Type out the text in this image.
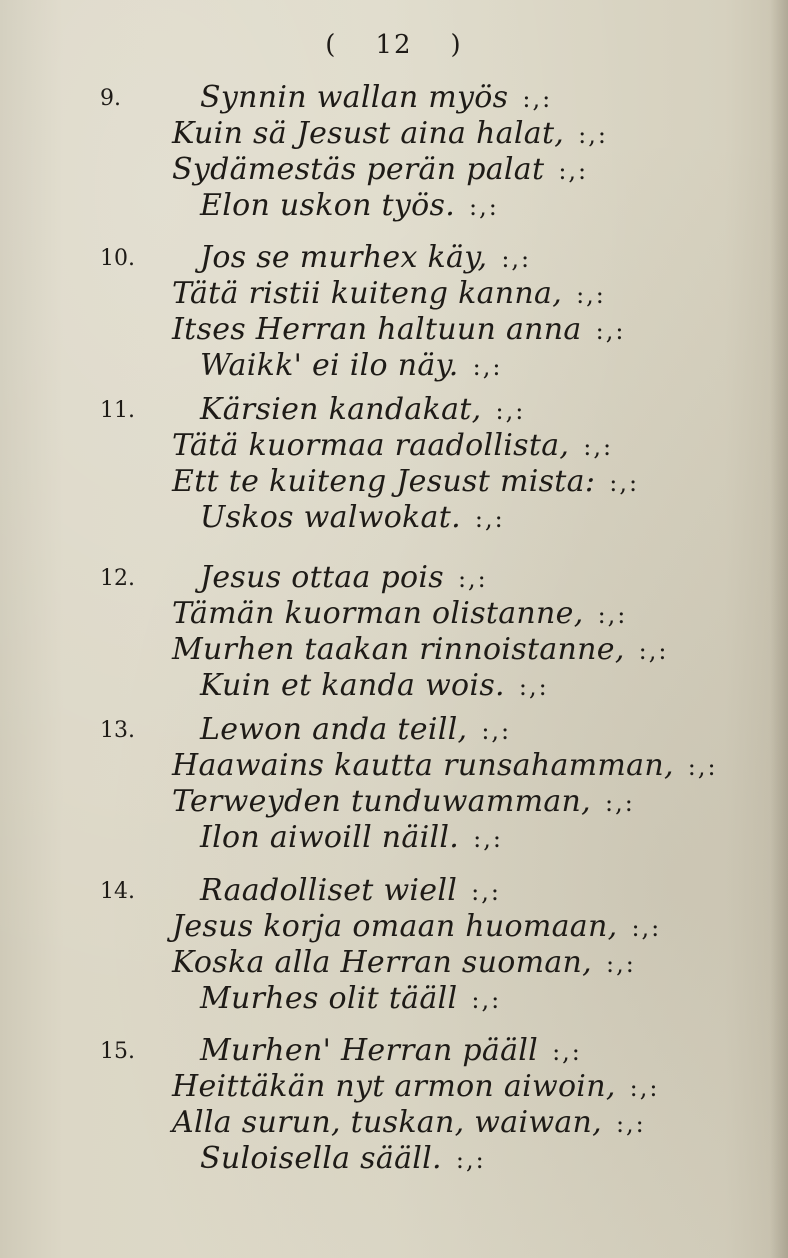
( 12 )
9.	Synnin wallan myös :,:
Kuin sä Jesust aina halat, :,:
Sydämestäs perän palat :,:
Elon uskon työs. :,:
10. Jos se murhex käy, :,:
Tätä ristii kuiteng kanna, :,:
Itses Herran haltuun anna :,:
Waikk' ei ilo näy. :,:
11. Kärsien kandakat, :,:
Tätä kuormaa raadollista, :,:
Ett te kuiteng Jesust mista: :,:
Uskos walwokat. :,:
12. Jesus ottaa pois :,:
Tämän kuorman olistanne, :,:
Murhen taakan rinnoistanne, :,:
Kuin et kanda wois. :,:
13. Lewon anda teill, :,:
Haawains kautta runsahamman, :,:
Terweyden tunduwamman, :,:
Ilon aiwoill näill. :,:
14. Raadolliset wiell :,:
Jesus korja omaan huomaan, :,:
Koska alla Herran suoman, :,:
Murhes olit tääll :,:
15. Murhen' Herran pääll :,:
Heittäkän nyt armon aiwoin, :,:
Alla surun, tuskan, waiwan, :,:
Suloisella sääll. :,:
